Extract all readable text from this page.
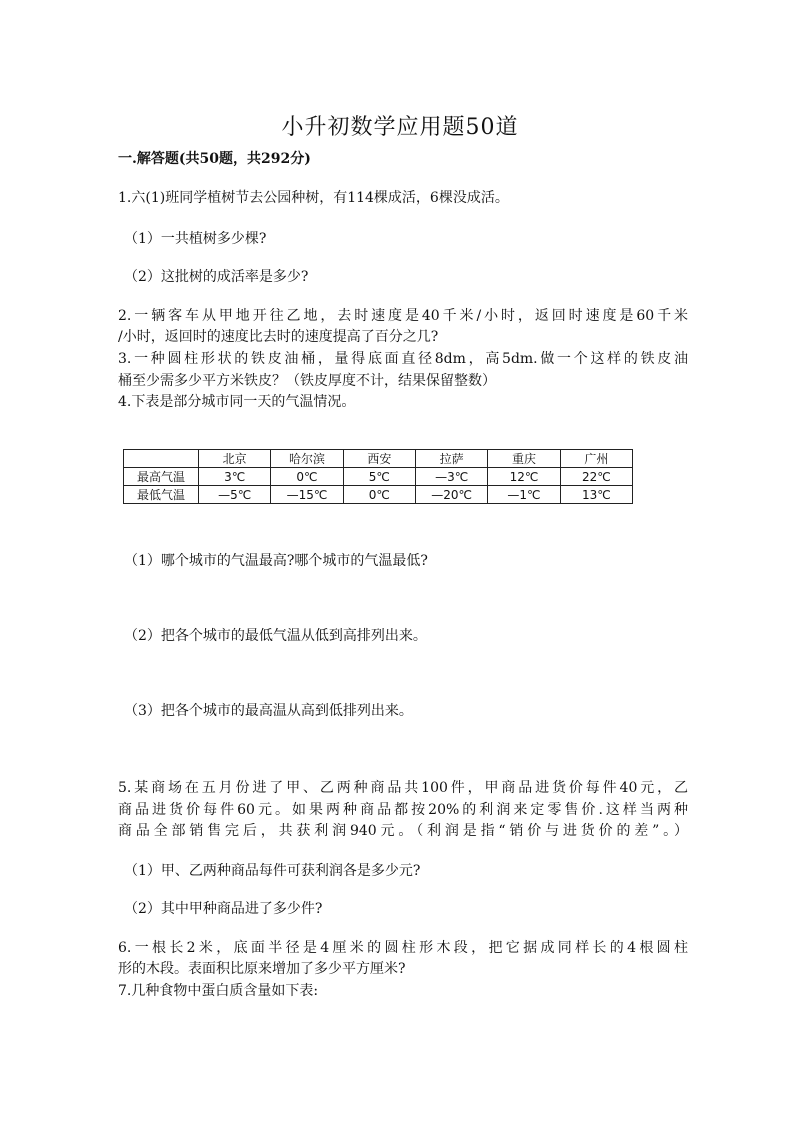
小升初数学应用题50道
一.解答题(共50题，共292分)
1.六(1)班同学植树节去公园种树，有114棵成活，6棵没成活。
（1）一共植树多少棵?
（2）这批树的成活率是多少?
2.一辆客车从甲地开往乙地，去时速度是40千米/小时，返回时速度是60千米
/小时，返回时的速度比去时的速度提高了百分之几?
3.一种圆柱形状的铁皮油桶，量得底面直径8dm，高5dm.做一个这样的铁皮油
桶至少需多少平方米铁皮？（铁皮厚度不计，结果保留整数）
4.下表是部分城市同一天的气温情况。
	北京	哈尔滨	西安	拉萨	重庆	广州
最高气温	3℃	0℃	5℃	—3℃	12℃	22℃
最低气温	—5℃	—15℃	0℃	—20℃	—1℃	13℃
（1）哪个城市的气温最高?哪个城市的气温最低?
（2）把各个城市的最低气温从低到高排列出来。
（3）把各个城市的最高温从高到低排列出来。
5.某商场在五月份进了甲、乙两种商品共100件，甲商品进货价每件40元，乙
商品进货价每件60元。如果两种商品都按20%的利润来定零售价.这样当两种
商品全部销售完后，共获利润940元。（利润是指“销价与进货价的差”。）
（1）甲、乙两种商品每件可获利润各是多少元?
（2）其中甲种商品进了多少件?
6.一根长2米，底面半径是4厘米的圆柱形木段，把它据成同样长的4根圆柱
形的木段。表面积比原来增加了多少平方厘米?
7.几种食物中蛋白质含量如下表:
